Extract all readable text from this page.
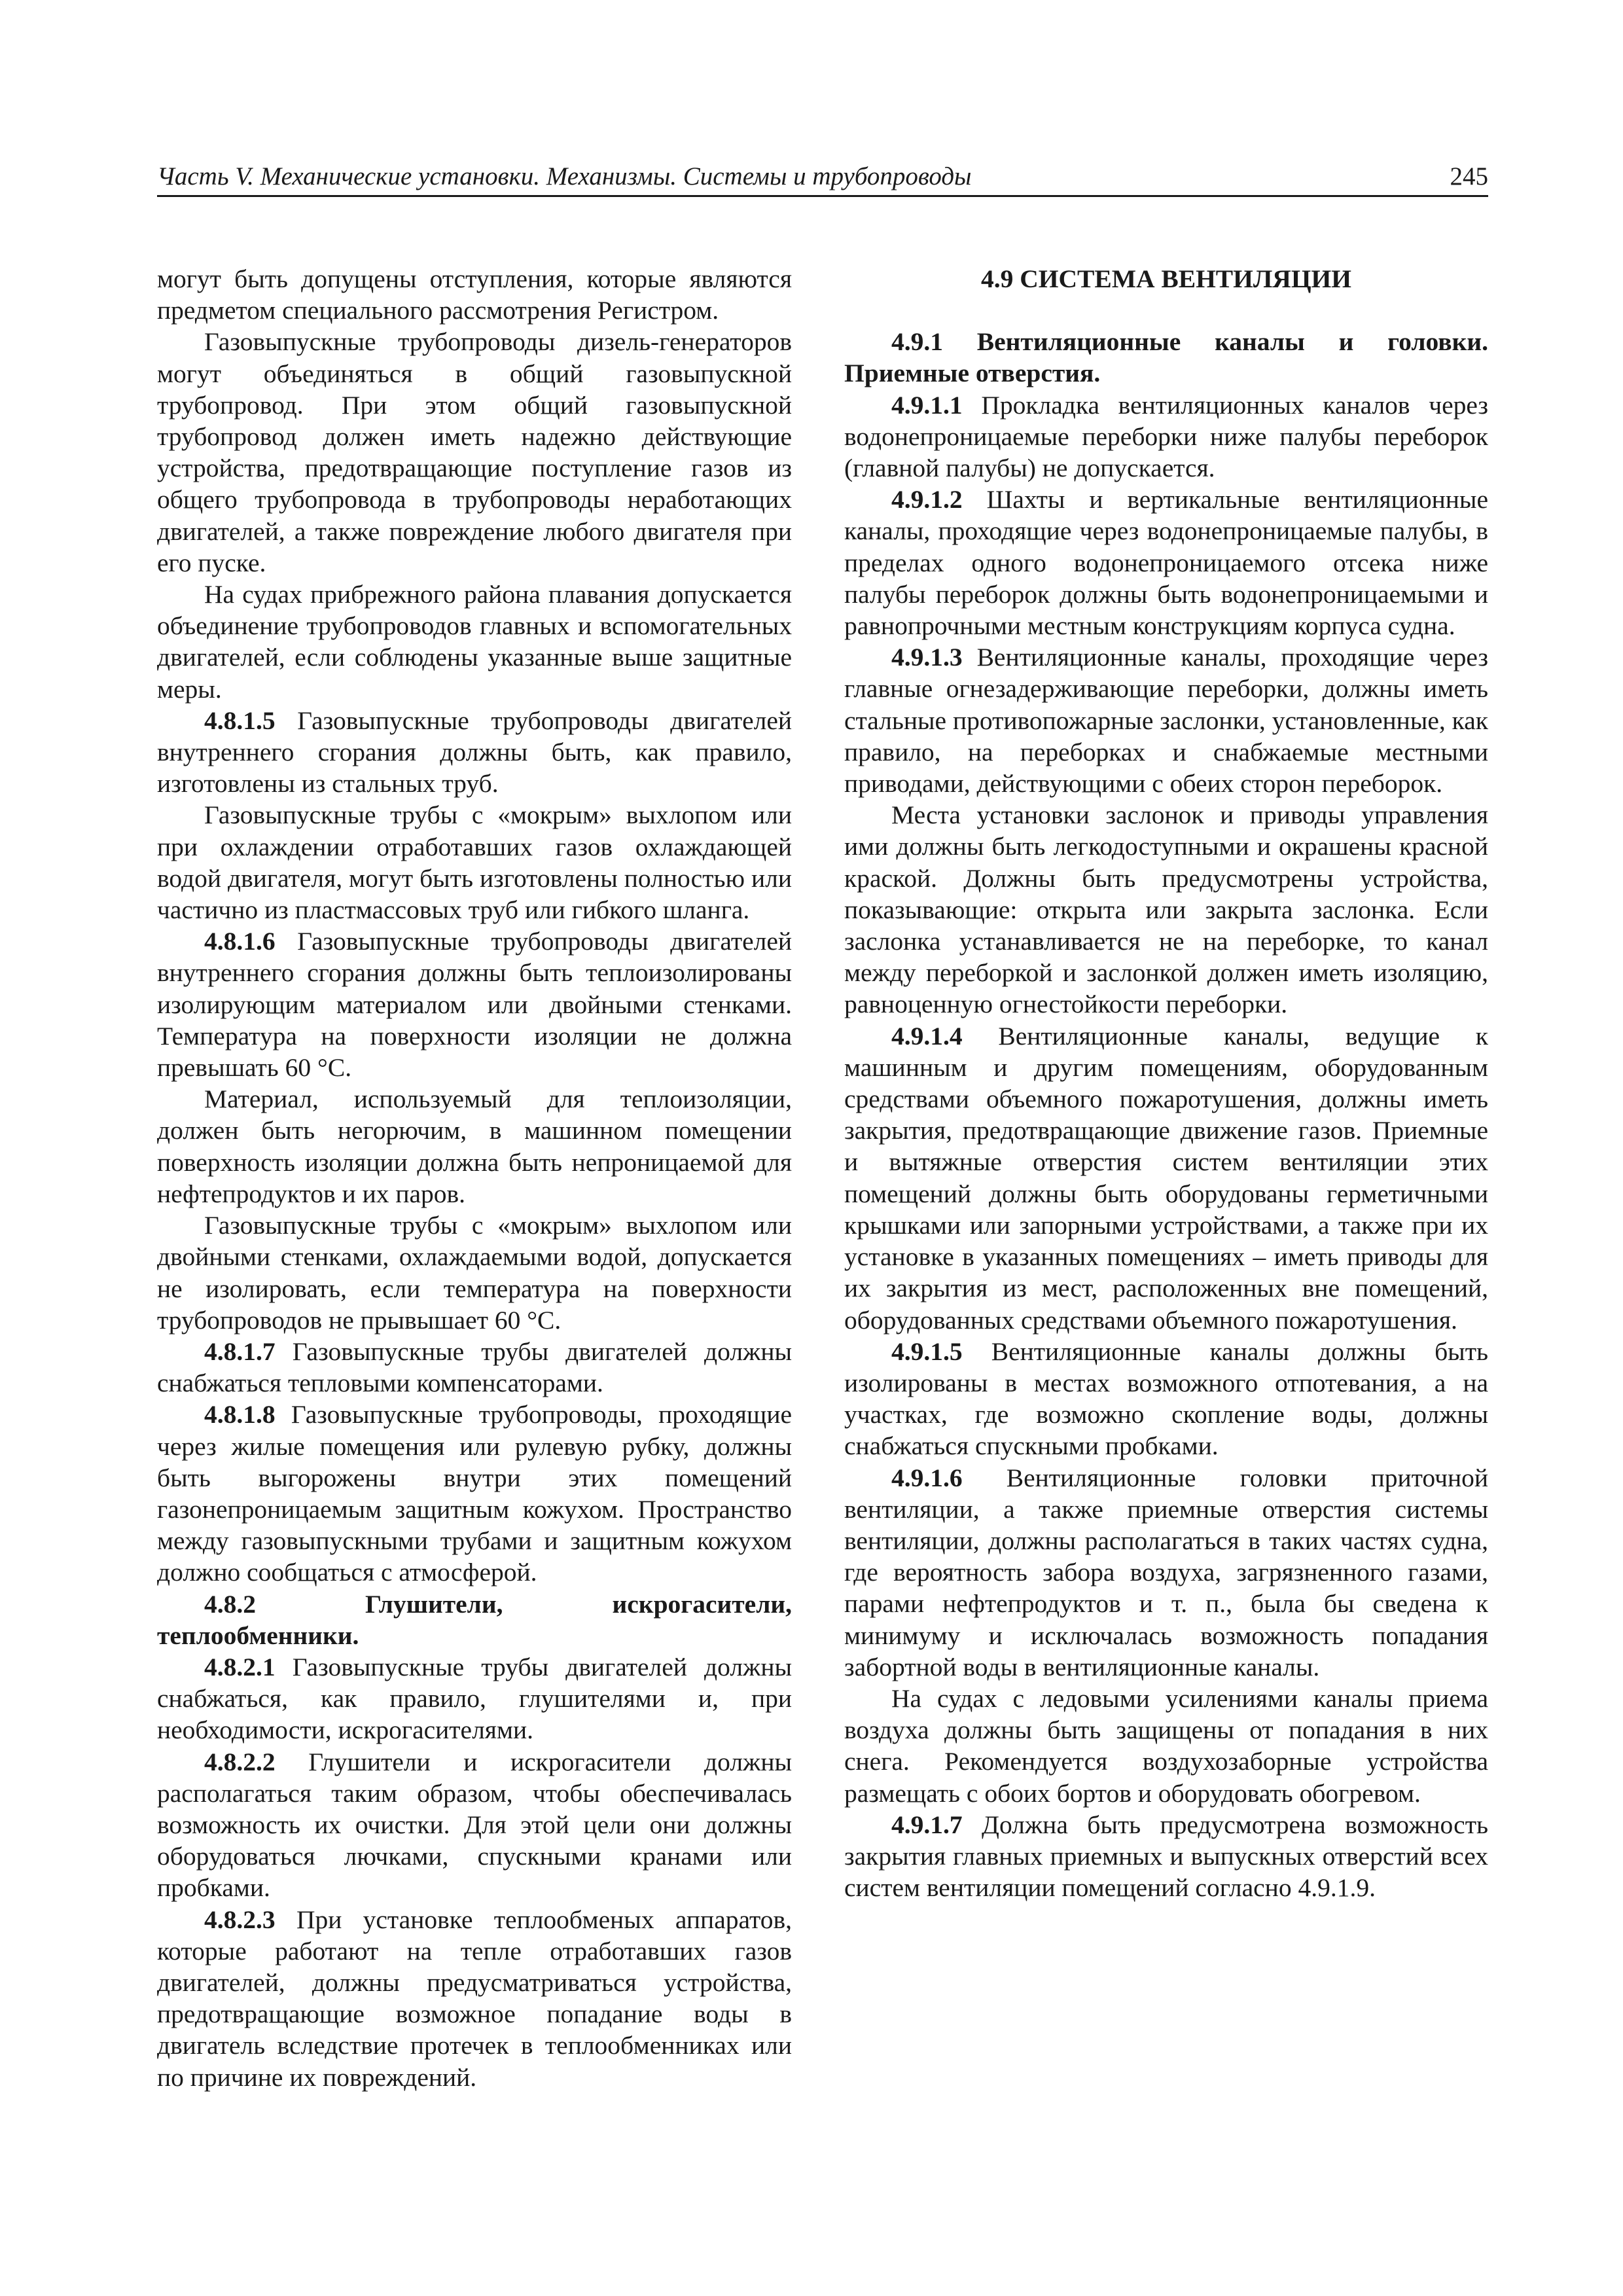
Часть V. Механические установки. Механизмы. Системы и трубопроводы	245

могут быть допущены отступления, которые являются предметом специального рассмотрения Регистром.

Газовыпускные трубопроводы дизель-генераторов могут объединяться в общий газовыпускной трубопровод. При этом общий газовыпускной трубопровод должен иметь надежно действующие устройства, предотвращающие поступление газов из общего трубопровода в трубопроводы неработающих двигателей, а также повреждение любого двигателя при его пуске.

На судах прибрежного района плавания допускается объединение трубопроводов главных и вспомогательных двигателей, если соблюдены указанные выше защитные меры.

4.8.1.5 Газовыпускные трубопроводы двигателей внутреннего сгорания должны быть, как правило, изготовлены из стальных труб.

Газовыпускные трубы с «мокрым» выхлопом или при охлаждении отработавших газов охлаждающей водой двигателя, могут быть изготовлены полностью или частично из пластмассовых труб или гибкого шланга.

4.8.1.6 Газовыпускные трубопроводы двигателей внутреннего сгорания должны быть теплоизолированы изолирующим материалом или двойными стенками. Температура на поверхности изоляции не должна превышать 60 °С.

Материал, используемый для теплоизоляции, должен быть негорючим, в машинном помещении поверхность изоляции должна быть непроницаемой для нефтепродуктов и их паров.

Газовыпускные трубы с «мокрым» выхлопом или двойными стенками, охлаждаемыми водой, допускается не изолировать, если температура на поверхности трубопроводов не прывышает 60 °С.

4.8.1.7 Газовыпускные трубы двигателей должны снабжаться тепловыми компенсаторами.

4.8.1.8 Газовыпускные трубопроводы, проходящие через жилые помещения или рулевую рубку, должны быть выгорожены внутри этих помещений газонепроницаемым защитным кожухом. Пространство между газовыпускными трубами и защитным кожухом должно сообщаться с атмосферой.

4.8.2	Глушители, искрогасители, теплообменники.

4.8.2.1 Газовыпускные трубы двигателей должны снабжаться, как правило, глушителями и, при необходимости, искрогасителями.

4.8.2.2 Глушители и искрогасители должны располагаться таким образом, чтобы обеспечивалась возможность их очистки. Для этой цели они должны оборудоваться лючками, спускными кранами или пробками.

4.8.2.3 При установке теплообменых аппаратов, которые работают на тепле отработавших газов двигателей, должны предусматриваться устройства, предотвращающие возможное попадание воды в двигатель вследствие протечек в теплообменниках или по причине их повреждений.

4.9 СИСТЕМА ВЕНТИЛЯЦИИ

4.9.1 Вентиляционные каналы и головки. Приемные отверстия.

4.9.1.1 Прокладка вентиляционных каналов через водонепроницаемые переборки ниже палубы переборок (главной палубы) не допускается.

4.9.1.2 Шахты и вертикальные вентиляционные каналы, проходящие через водонепроницаемые палубы, в пределах одного водонепроницаемого отсека ниже палубы переборок должны быть водонепроницаемыми и равнопрочными местным конструкциям корпуса судна.

4.9.1.3 Вентиляционные каналы, проходящие через главные огнезадерживающие переборки, должны иметь стальные противопожарные заслонки, установленные, как правило, на переборках и снабжаемые местными приводами, действующими с обеих сторон переборок.

Места установки заслонок и приводы управления ими должны быть легкодоступными и окрашены красной краской. Должны быть предусмотрены устройства, показывающие: открыта или закрыта заслонка. Если заслонка устанавливается не на переборке, то канал между переборкой и заслонкой должен иметь изоляцию, равноценную огнестойкости переборки.

4.9.1.4 Вентиляционные каналы, ведущие к машинным и другим помещениям, оборудованным средствами объемного пожаротушения, должны иметь закрытия, предотвращающие движение газов. Приемные и вытяжные отверстия систем вентиляции этих помещений должны быть оборудованы герметичными крышками или запорными устройствами, а также при их установке в указанных помещениях – иметь приводы для их закрытия из мест, расположенных вне помещений, оборудованных средствами объемного пожаротушения.

4.9.1.5 Вентиляционные каналы должны быть изолированы в местах возможного отпотевания, а на участках, где возможно скопление воды, должны снабжаться спускными пробками.

4.9.1.6 Вентиляционные головки приточной вентиляции, а также приемные отверстия системы вентиляции, должны располагаться в таких частях судна, где вероятность забора воздуха, загрязненного газами, парами нефтепродуктов и т. п., была бы сведена к минимуму и исключалась возможность попадания забортной воды в вентиляционные каналы.

На судах с ледовыми усилениями каналы приема воздуха должны быть защищены от попадания в них снега. Рекомендуется воздухозаборные устройства размещать с обоих бортов и оборудовать обогревом.

4.9.1.7 Должна быть предусмотрена возможность закрытия главных приемных и выпускных отверстий всех систем вентиляции помещений согласно 4.9.1.9.
